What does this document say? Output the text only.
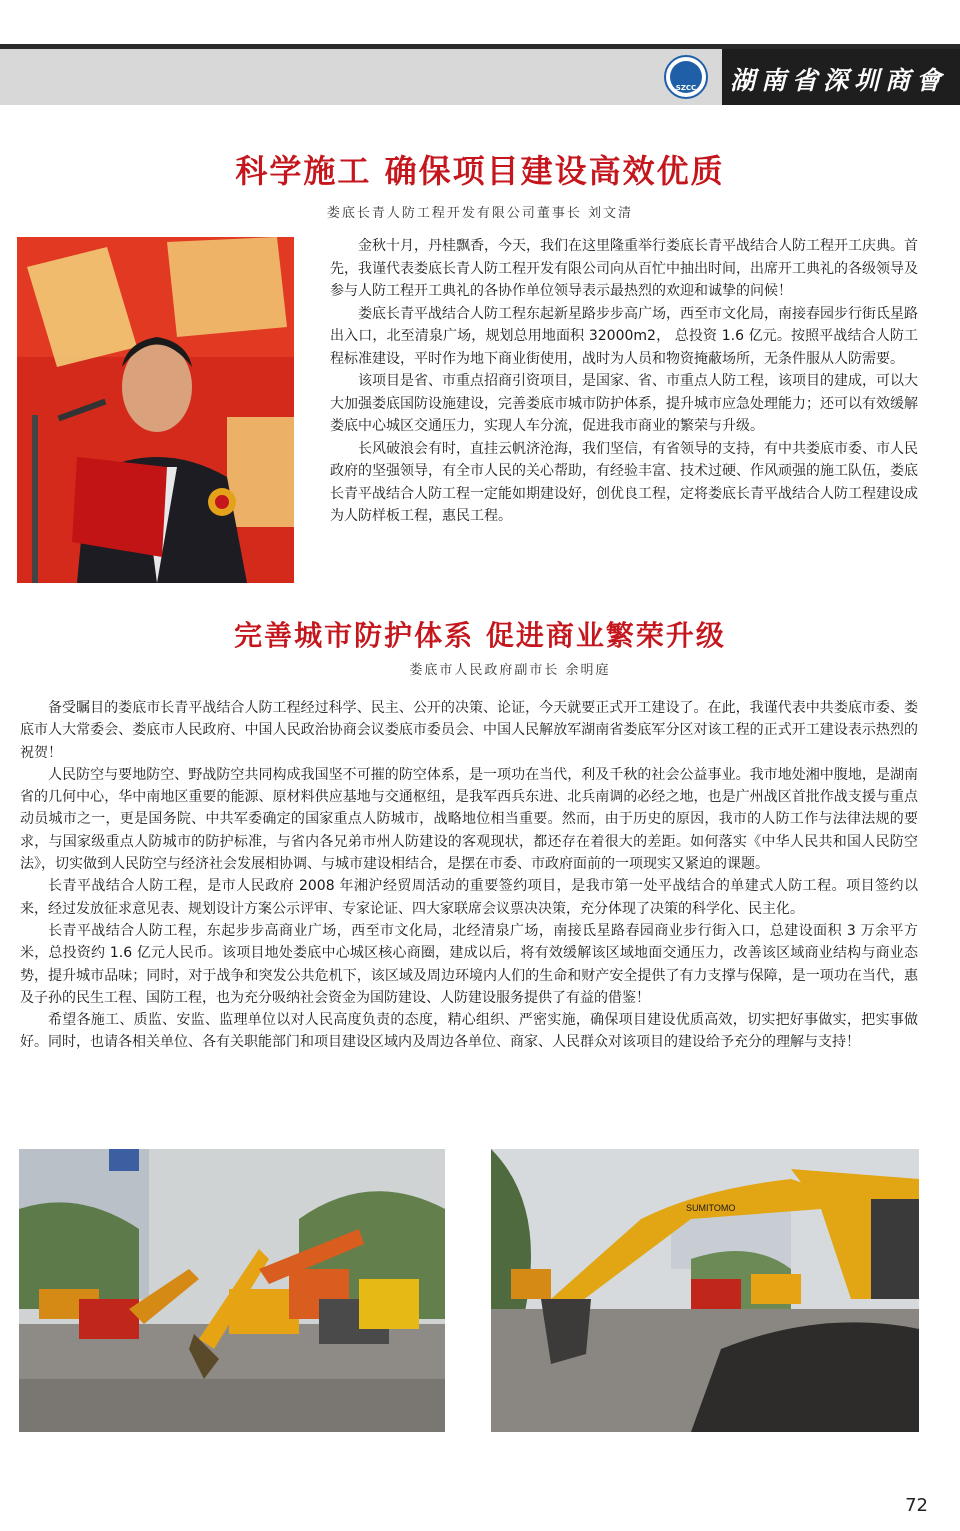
SZCC	湖南省深圳商會
科学施工 确保项目建设高效优质
娄底长青人防工程开发有限公司董事长 刘文清

金秋十月，丹桂飘香，今天，我们在这里隆重举行娄底长青平战结合人防工程开工庆典。首先，我谨代表娄底长青人防工程开发有限公司向从百忙中抽出时间，出席开工典礼的各级领导及参与人防工程开工典礼的各协作单位领导表示最热烈的欢迎和诚挚的问候！

娄底长青平战结合人防工程东起新星路步步高广场，西至市文化局，南接春园步行街氐星路出入口，北至清泉广场，规划总用地面积 32000m2， 总投资 1.6 亿元。按照平战结合人防工程标准建设，平时作为地下商业街使用，战时为人员和物资掩蔽场所，无条件服从人防需要。

该项目是省、市重点招商引资项目，是国家、省、市重点人防工程，该项目的建成，可以大大加强娄底国防设施建设，完善娄底市城市防护体系，提升城市应急处理能力；还可以有效缓解娄底中心城区交通压力，实现人车分流，促进我市商业的繁荣与升级。

长风破浪会有时，直挂云帆济沧海，我们坚信，有省领导的支持，有中共娄底市委、市人民政府的坚强领导，有全市人民的关心帮助，有经验丰富、技术过硬、作风顽强的施工队伍，娄底长青平战结合人防工程一定能如期建设好，创优良工程，定将娄底长青平战结合人防工程建设成为人防样板工程，惠民工程。

完善城市防护体系 促进商业繁荣升级
娄底市人民政府副市长 余明庭

备受瞩目的娄底市长青平战结合人防工程经过科学、民主、公开的决策、论证，今天就要正式开工建设了。在此，我谨代表中共娄底市委、娄底市人大常委会、娄底市人民政府、中国人民政治协商会议娄底市委员会、中国人民解放军湖南省娄底军分区对该工程的正式开工建设表示热烈的祝贺！

人民防空与要地防空、野战防空共同构成我国坚不可摧的防空体系，是一项功在当代，利及千秋的社会公益事业。我市地处湘中腹地，是湖南省的几何中心，华中南地区重要的能源、原材料供应基地与交通枢纽，是我军西兵东进、北兵南调的必经之地，也是广州战区首批作战支援与重点动员城市之一，更是国务院、中共军委确定的国家重点人防城市，战略地位相当重要。然而，由于历史的原因，我市的人防工作与法律法规的要求，与国家级重点人防城市的防护标准，与省内各兄弟市州人防建设的客观现状，都还存在着很大的差距。如何落实《中华人民共和国人民防空法》，切实做到人民防空与经济社会发展相协调、与城市建设相结合，是摆在市委、市政府面前的一项现实又紧迫的课题。

长青平战结合人防工程，是市人民政府 2008 年湘沪经贸周活动的重要签约项目，是我市第一处平战结合的单建式人防工程。项目签约以来，经过发放征求意见表、规划设计方案公示评审、专家论证、四大家联席会议票决决策，充分体现了决策的科学化、民主化。

长青平战结合人防工程，东起步步高商业广场，西至市文化局，北经清泉广场，南接氐星路春园商业步行街入口，总建设面积 3 万余平方米，总投资约 1.6 亿元人民币。该项目地处娄底中心城区核心商圈，建成以后，将有效缓解该区域地面交通压力，改善该区域商业结构与商业态势，提升城市品味；同时，对于战争和突发公共危机下，该区域及周边环境内人们的生命和财产安全提供了有力支撑与保障，是一项功在当代，惠及子孙的民生工程、国防工程，也为充分吸纳社会资金为国防建设、人防建设服务提供了有益的借鉴！

希望各施工、质监、安监、监理单位以对人民高度负责的态度，精心组织、严密实施，确保项目建设优质高效，切实把好事做实，把实事做好。同时，也请各相关单位、各有关职能部门和项目建设区域内及周边各单位、商家、人民群众对该项目的建设给予充分的理解与支持！

SUMITOMO
72
